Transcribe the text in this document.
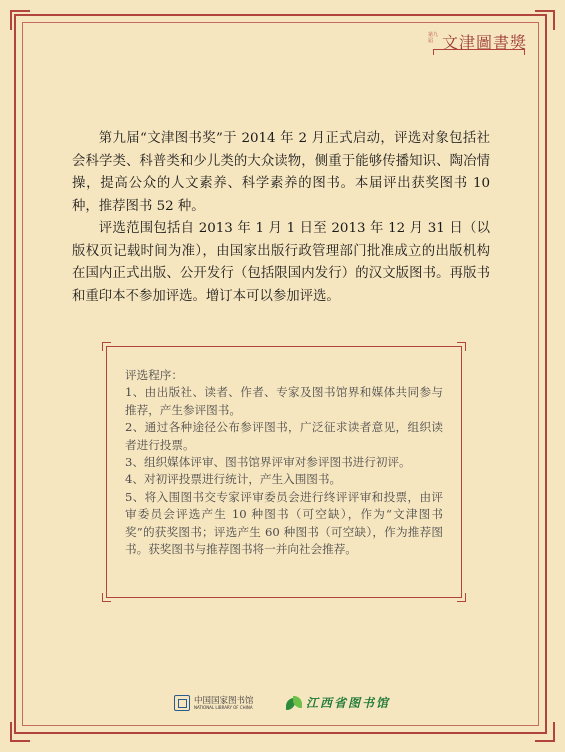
第九届 文津圖書獎

第九届“文津图书奖”于 2014 年 2 月正式启动，评选对象包括社会科学类、科普类和少儿类的大众读物，侧重于能够传播知识、陶冶情操，提高公众的人文素养、科学素养的图书。本届评出获奖图书 10 种，推荐图书 52 种。

评选范围包括自 2013 年 1 月 1 日至 2013 年 12 月 31 日（以版权页记载时间为准），由国家出版行政管理部门批准成立的出版机构在国内正式出版、公开发行（包括限国内发行）的汉文版图书。再版书和重印本不参加评选。增订本可以参加评选。

评选程序：
1、由出版社、读者、作者、专家及图书馆界和媒体共同参与推荐，产生参评图书。
2、通过各种途径公布参评图书，广泛征求读者意见，组织读者进行投票。
3、组织媒体评审、图书馆界评审对参评图书进行初评。
4、对初评投票进行统计，产生入围图书。
5、将入围图书交专家评审委员会进行终评评审和投票，由评审委员会评选产生 10 种图书（可空缺），作为“文津图书奖”的获奖图书；评选产生 60 种图书（可空缺），作为推荐图书。获奖图书与推荐图书将一并向社会推荐。
中国国家图书馆
NATIONAL LIBRARY OF CHINA	江西省图书馆
